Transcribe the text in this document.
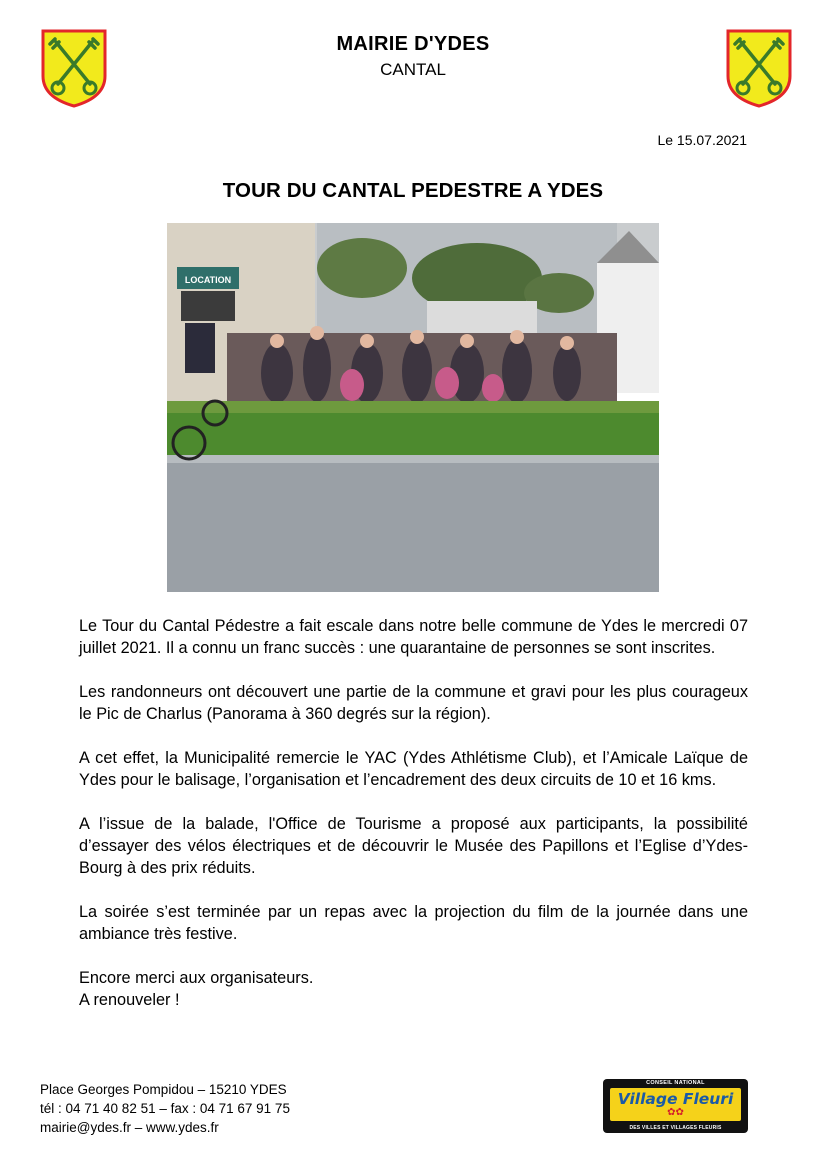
MAIRIE D'YDES
CANTAL
Le 15.07.2021
TOUR DU CANTAL PEDESTRE A YDES
LOCATION

Le Tour du Cantal Pédestre a fait escale dans notre belle commune de Ydes le mercredi 07 juillet 2021. Il a connu un franc succès : une quarantaine de personnes se sont inscrites.

Les randonneurs ont découvert une partie de la commune et gravi pour les plus courageux le Pic de Charlus (Panorama à 360 degrés sur la région).

A cet effet, la Municipalité remercie le YAC (Ydes Athlétisme Club), et l’Amicale Laïque de Ydes pour le balisage, l’organisation et l’encadrement des deux circuits de 10 et 16 kms.

A l’issue de la balade, l'Office de Tourisme a proposé aux participants, la possibilité d’essayer des vélos électriques et de découvrir le Musée des Papillons et l’Eglise d’Ydes-Bourg à des prix réduits.

La soirée s’est terminée par un repas avec la projection du film de la journée dans une ambiance très festive.

Encore merci aux organisateurs.
A renouveler !

Place Georges Pompidou – 15210 YDES
tél : 04 71 40 82 51 – fax : 04 71 67 91 75
mairie@ydes.fr – www.ydes.fr
CONSEIL NATIONAL
Village Fleuri
✿✿
DES VILLES ET VILLAGES FLEURIS
